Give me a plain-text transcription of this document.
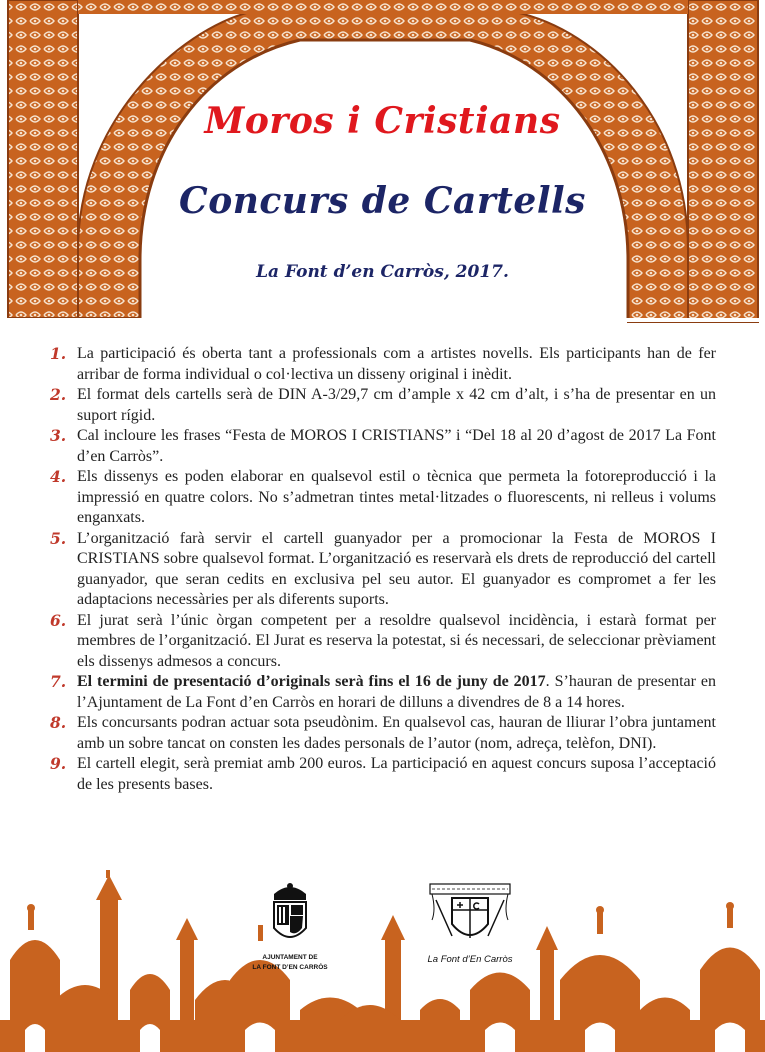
Moros i Cristians
Concurs de Cartells
La Font d’en Carròs, 2017.
1. La participació és oberta tant a professionals com a artistes novells. Els participants han de fer arribar de forma individual o col·lectiva un disseny original i inèdit.
2. El format dels cartells serà de DIN A-3/29,7 cm d’ample x 42 cm d’alt, i s’ha de presentar en un suport rígid.
3. Cal incloure les frases “Festa de MOROS I CRISTIANS” i “Del 18 al 20 d’agost de 2017 La Font d’en Carròs”.
4. Els dissenys es poden elaborar en qualsevol estil o tècnica que permeta la fotoreproducció i la impressió en quatre colors. No s’admetran tintes metal·litzades o fluorescents, ni relleus i volums enganxats.
5. L’organització farà servir el cartell guanyador per a promocionar la Festa de MOROS I CRISTIANS sobre qualsevol format. L’organització es reservarà els drets de reproducció del cartell guanyador, que seran cedits en exclusiva pel seu autor. El guanyador es compromet a fer les adaptacions necessàries per als diferents suports.
6. El jurat serà l’únic òrgan competent per a resoldre qualsevol incidència, i estarà format per membres de l’organització. El Jurat es reserva la potestat, si és necessari, de seleccionar prèviament els dissenys admesos a concurs.
7. El termini de presentació d’originals serà fins el 16 de juny de 2017. S’hauran de presentar en l’Ajuntament de La Font d’en Carròs en horari de dilluns a divendres de 8 a 14 hores.
8. Els concursants podran actuar sota pseudònim. En qualsevol cas, hauran de lliurar l’obra juntament amb un sobre tancat on consten les dades personals de l’autor (nom, adreça, telèfon, DNI).
9. El cartell elegit, serà premiat amb 200 euros. La participació en aquest concurs suposa l’acceptació de les presents bases.
AJUNTAMENT DE
LA FONT D’EN CARRÒS
La Font d’En Carròs
